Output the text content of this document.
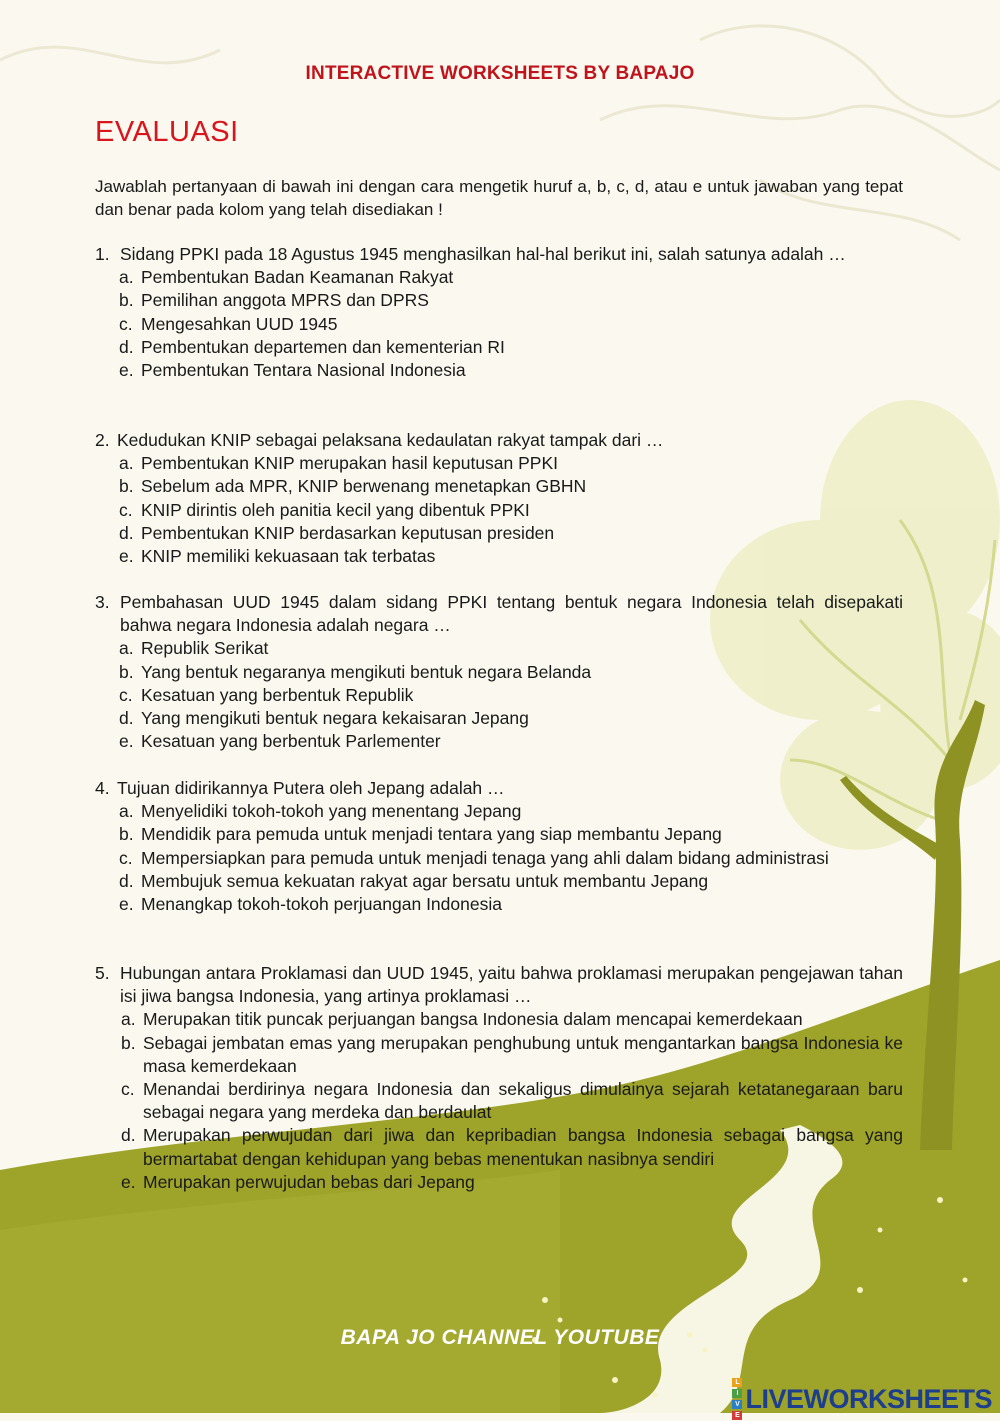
INTERACTIVE WORKSHEETS BY BAPAJO
EVALUASI
Jawablah pertanyaan di bawah ini dengan cara mengetik huruf a, b, c, d, atau e untuk jawaban yang tepat dan benar pada kolom yang telah disediakan !
1. Sidang PPKI pada 18 Agustus 1945 menghasilkan hal-hal berikut ini, salah satunya adalah …
a. Pembentukan Badan Keamanan Rakyat
b. Pemilihan anggota MPRS dan DPRS
c. Mengesahkan UUD 1945
d. Pembentukan departemen dan kementerian RI
e. Pembentukan Tentara Nasional Indonesia
2. Kedudukan KNIP sebagai pelaksana kedaulatan rakyat tampak dari …
a. Pembentukan KNIP merupakan hasil keputusan PPKI
b. Sebelum ada MPR, KNIP berwenang menetapkan GBHN
c. KNIP dirintis oleh panitia kecil yang dibentuk PPKI
d. Pembentukan KNIP berdasarkan keputusan presiden
e. KNIP memiliki kekuasaan tak terbatas
3. Pembahasan UUD 1945 dalam sidang PPKI tentang bentuk negara Indonesia telah disepakati bahwa negara Indonesia adalah negara …
a. Republik Serikat
b. Yang bentuk negaranya mengikuti bentuk negara Belanda
c. Kesatuan yang berbentuk Republik
d. Yang mengikuti bentuk negara kekaisaran Jepang
e. Kesatuan yang berbentuk Parlementer
4. Tujuan didirikannya Putera oleh Jepang adalah …
a. Menyelidiki tokoh-tokoh yang menentang Jepang
b. Mendidik para pemuda untuk menjadi tentara yang siap membantu Jepang
c. Mempersiapkan para pemuda untuk menjadi tenaga yang ahli dalam bidang administrasi
d. Membujuk semua kekuatan rakyat agar bersatu untuk membantu Jepang
e. Menangkap tokoh-tokoh perjuangan Indonesia
5. Hubungan antara Proklamasi dan UUD 1945, yaitu bahwa proklamasi merupakan pengejawan tahan isi jiwa bangsa Indonesia, yang artinya proklamasi …
a. Merupakan titik puncak perjuangan bangsa Indonesia dalam mencapai kemerdekaan
b. Sebagai jembatan emas yang merupakan penghubung untuk mengantarkan bangsa Indonesia ke masa kemerdekaan
c. Menandai berdirinya negara Indonesia dan sekaligus dimulainya sejarah ketatanegaraan baru sebagai negara yang merdeka dan berdaulat
d. Merupakan perwujudan dari jiwa dan kepribadian bangsa Indonesia sebagai bangsa yang bermartabat dengan kehidupan yang bebas menentukan nasibnya sendiri
e. Merupakan perwujudan bebas dari Jepang
BAPA JO CHANNEL YOUTUBE
L
I
V
E
LIVEWORKSHEETS
